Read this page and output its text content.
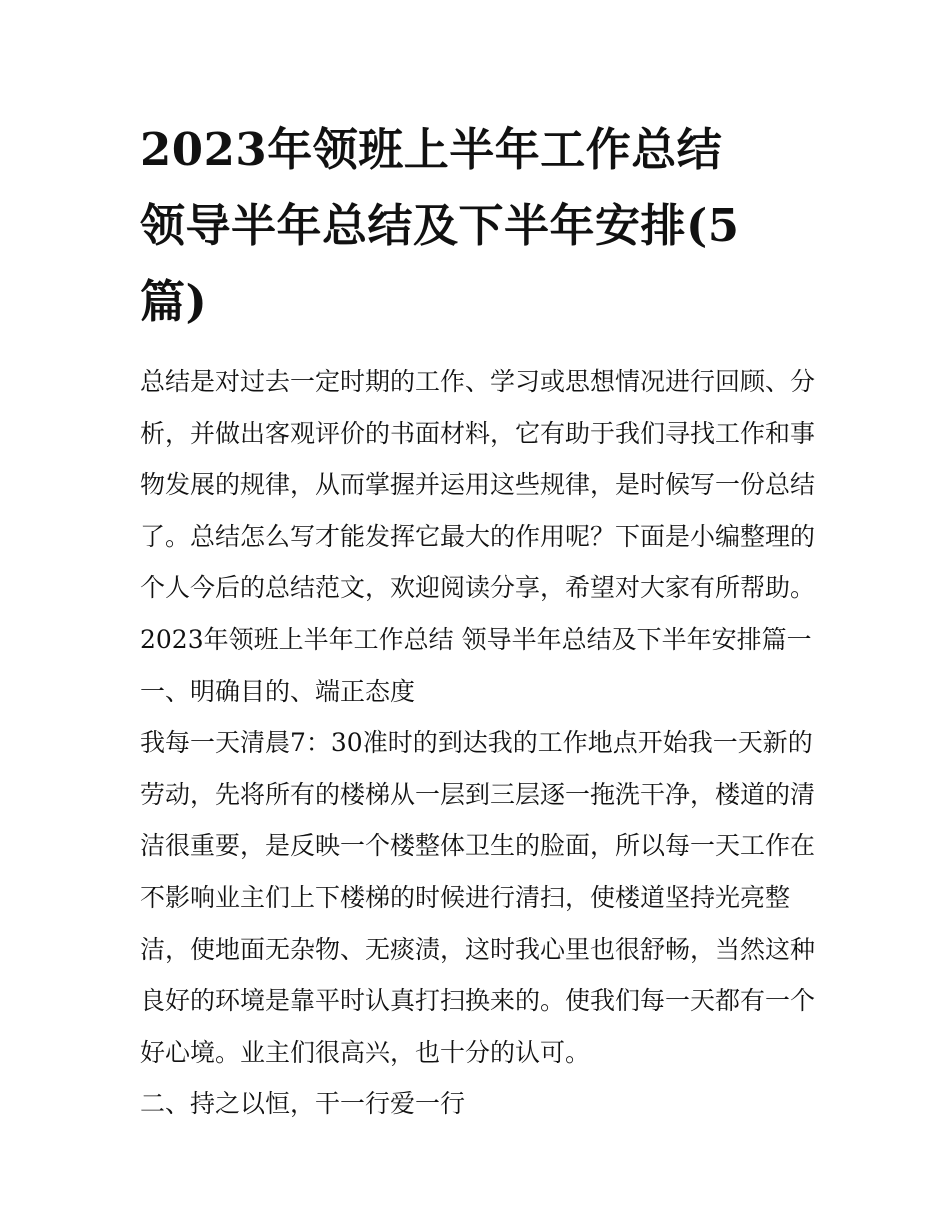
2023年领班上半年工作总结
领导半年总结及下半年安排(5
篇)
总结是对过去一定时期的工作、学习或思想情况进行回顾、分
析，并做出客观评价的书面材料，它有助于我们寻找工作和事
物发展的规律，从而掌握并运用这些规律，是时候写一份总结
了。总结怎么写才能发挥它最大的作用呢？下面是小编整理的
个人今后的总结范文，欢迎阅读分享，希望对大家有所帮助。
2023年领班上半年工作总结 领导半年总结及下半年安排篇一
一、明确目的、端正态度
我每一天清晨7：30准时的到达我的工作地点开始我一天新的
劳动，先将所有的楼梯从一层到三层逐一拖洗干净，楼道的清
洁很重要，是反映一个楼整体卫生的脸面，所以每一天工作在
不影响业主们上下楼梯的时候进行清扫，使楼道坚持光亮整
洁，使地面无杂物、无痰渍，这时我心里也很舒畅，当然这种
良好的环境是靠平时认真打扫换来的。使我们每一天都有一个
好心境。业主们很高兴，也十分的认可。
二、持之以恒，干一行爱一行
